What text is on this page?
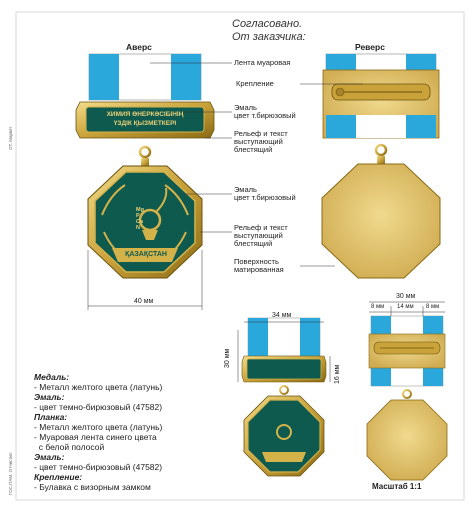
Согласовано.
От заказчика:
Аверс	Реверс
ХИМИЯ ӨНЕРКӘСІБІНІҢ
ҮЗДІК ҚЫЗМЕТКЕРІ
Mg
P
Ca
N
ҚАЗАҚСТАН
Лента муаровая
Крепление
Эмаль
цвет т.бирюзовый
Рельеф и текст
выступающий
блестящий
Эмаль
цвет т.бирюзовый
Рельеф и текст
выступающий
блестящий
Поверхность
матированная
40 мм
34 мм
30 мм
16 мм
30 мм
8 мм 14 мм 8 мм
Медаль:
- Металл желтого цвета (латунь)
Эмаль:
- цвет темно-бирюзовый (47582)
Планка:
- Металл желтого цвета (латунь)
- Муаровая лента синего цвета
с белой полосой
Эмаль:
- цвет темно-бирюзовый (47582)
Крепление:
- Булавка с визорным замком	Масштаб 1:1
ОТ. Маркет
ГОС.ПАМ. Отчистил
